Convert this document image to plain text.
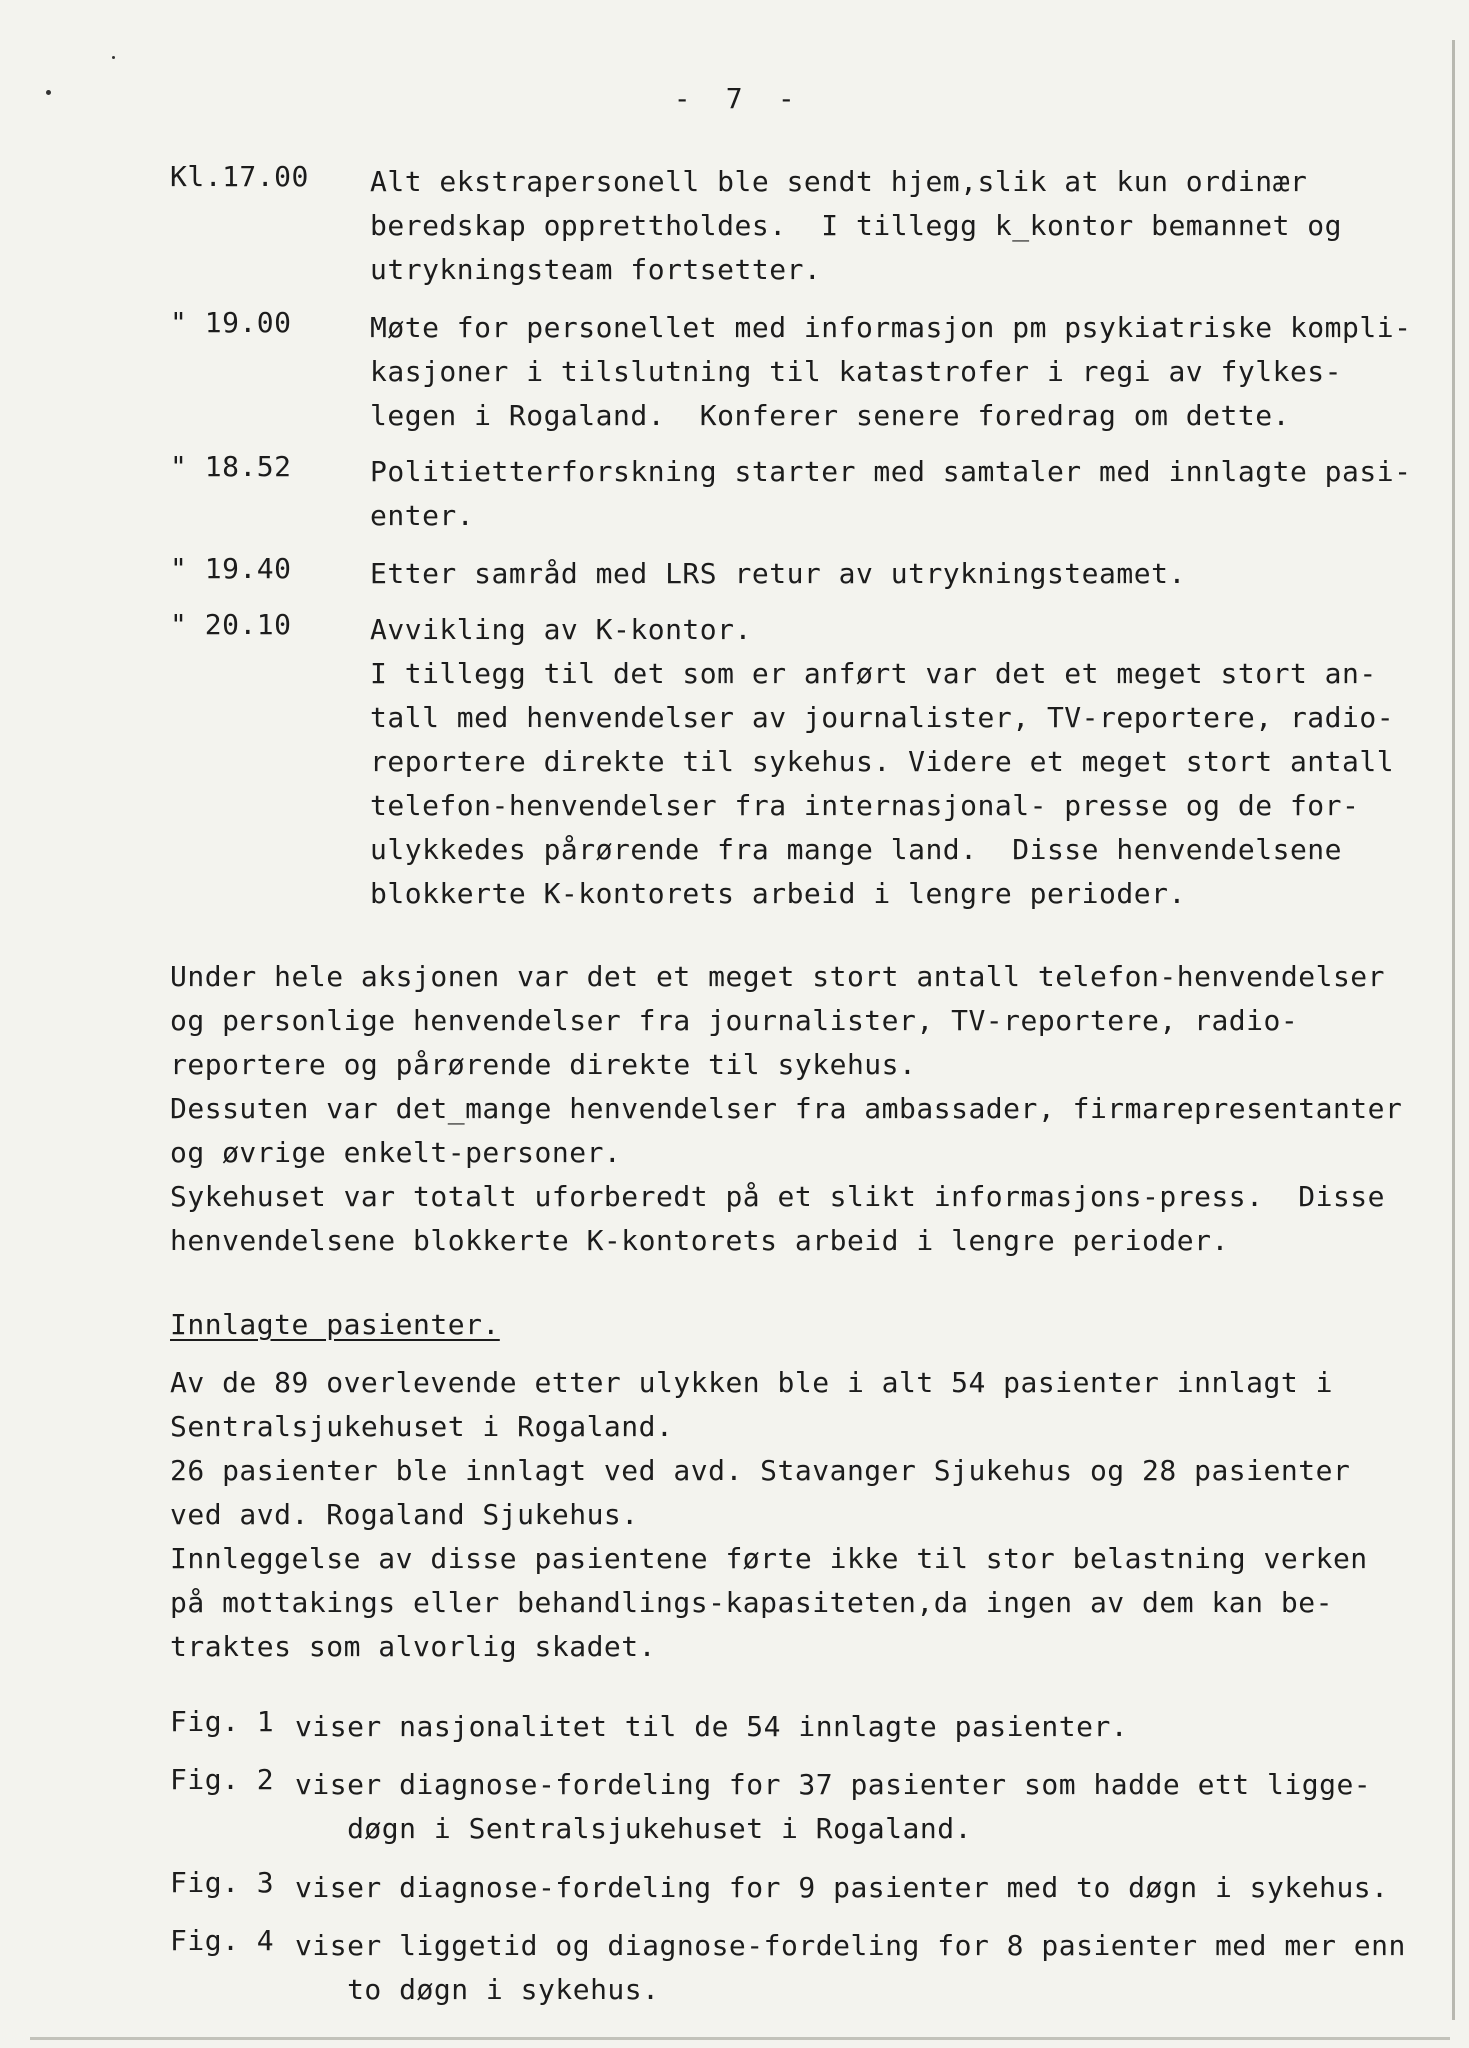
-  7  -
Kl.17.00 Alt ekstrapersonell ble sendt hjem,slik at kun ordinær
beredskap opprettholdes.  I tillegg k_kontor bemannet og
utrykningsteam fortsetter.
" 19.00	Møte for personellet med informasjon pm psykiatriske kompli-
kasjoner i tilslutning til katastrofer i regi av fylkes-
legen i Rogaland.  Konferer senere foredrag om dette.
" 18.52	Politietterforskning starter med samtaler med innlagte pasi-
enter.
" 19.40	Etter samråd med LRS retur av utrykningsteamet.
" 20.10	Avvikling av K-kontor.
I tillegg til det som er anført var det et meget stort an-
tall med henvendelser av journalister, TV-reportere, radio-
reportere direkte til sykehus. Videre et meget stort antall
telefon-henvendelser fra internasjonal- presse og de for-
ulykkedes pårørende fra mange land.  Disse henvendelsene
blokkerte K-kontorets arbeid i lengre perioder.
Under hele aksjonen var det et meget stort antall telefon-henvendelser
og personlige henvendelser fra journalister, TV-reportere, radio-
reportere og pårørende direkte til sykehus.
Dessuten var det_mange henvendelser fra ambassader, firmarepresentanter
og øvrige enkelt-personer.
Sykehuset var totalt uforberedt på et slikt informasjons-press.  Disse
henvendelsene blokkerte K-kontorets arbeid i lengre perioder.
Innlagte pasienter.
Av de 89 overlevende etter ulykken ble i alt 54 pasienter innlagt i
Sentralsjukehuset i Rogaland.
26 pasienter ble innlagt ved avd. Stavanger Sjukehus og 28 pasienter
ved avd. Rogaland Sjukehus.
Innleggelse av disse pasientene førte ikke til stor belastning verken
på mottakings eller behandlings-kapasiteten,da ingen av dem kan be-
traktes som alvorlig skadet.
Fig. 1 viser nasjonalitet til de 54 innlagte pasienter.
Fig. 2 viser diagnose-fordeling for 37 pasienter som hadde ett ligge-
døgn i Sentralsjukehuset i Rogaland.
Fig. 3 viser diagnose-fordeling for 9 pasienter med to døgn i sykehus.
Fig. 4 viser liggetid og diagnose-fordeling for 8 pasienter med mer enn
to døgn i sykehus.
